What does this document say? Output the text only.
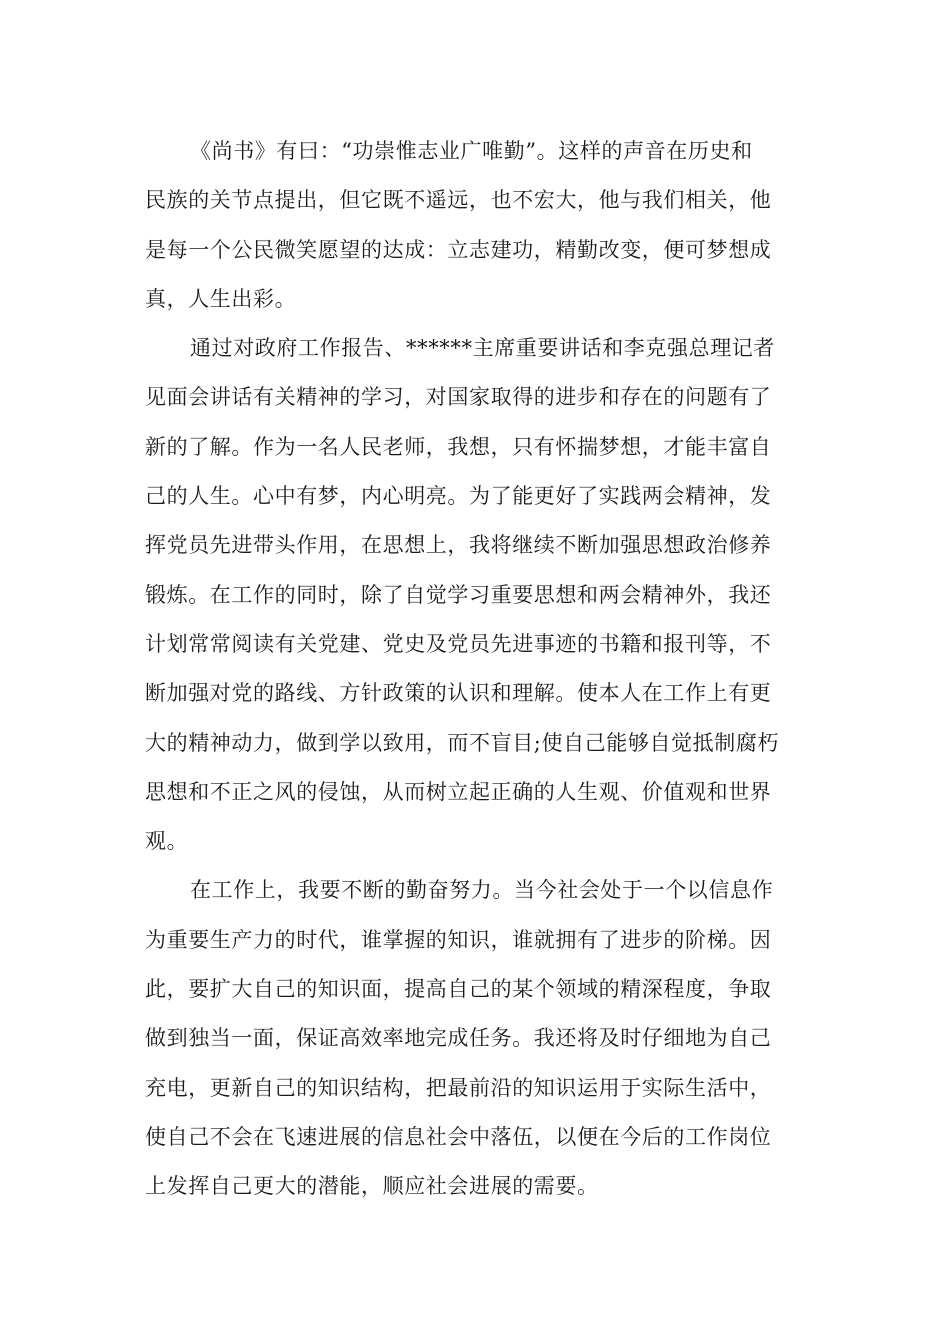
《尚书》有曰：“功崇惟志业广唯勤”。这样的声音在历史和
民族的关节点提出，但它既不遥远，也不宏大，他与我们相关，他
是每一个公民微笑愿望的达成：立志建功，精勤改变，便可梦想成
真，人生出彩。
通过对政府工作报告、******主席重要讲话和李克强总理记者
见面会讲话有关精神的学习，对国家取得的进步和存在的问题有了
新的了解。作为一名人民老师，我想，只有怀揣梦想，才能丰富自
己的人生。心中有梦，内心明亮。为了能更好了实践两会精神，发
挥党员先进带头作用，在思想上，我将继续不断加强思想政治修养
锻炼。在工作的同时，除了自觉学习重要思想和两会精神外，我还
计划常常阅读有关党建、党史及党员先进事迹的书籍和报刊等，不
断加强对党的路线、方针政策的认识和理解。使本人在工作上有更
大的精神动力，做到学以致用，而不盲目;使自己能够自觉抵制腐朽
思想和不正之风的侵蚀，从而树立起正确的人生观、价值观和世界
观。
在工作上，我要不断的勤奋努力。当今社会处于一个以信息作
为重要生产力的时代，谁掌握的知识，谁就拥有了进步的阶梯。因
此，要扩大自己的知识面，提高自己的某个领域的精深程度，争取
做到独当一面，保证高效率地完成任务。我还将及时仔细地为自己
充电，更新自己的知识结构，把最前沿的知识运用于实际生活中，
使自己不会在飞速进展的信息社会中落伍，以便在今后的工作岗位
上发挥自己更大的潜能，顺应社会进展的需要。
